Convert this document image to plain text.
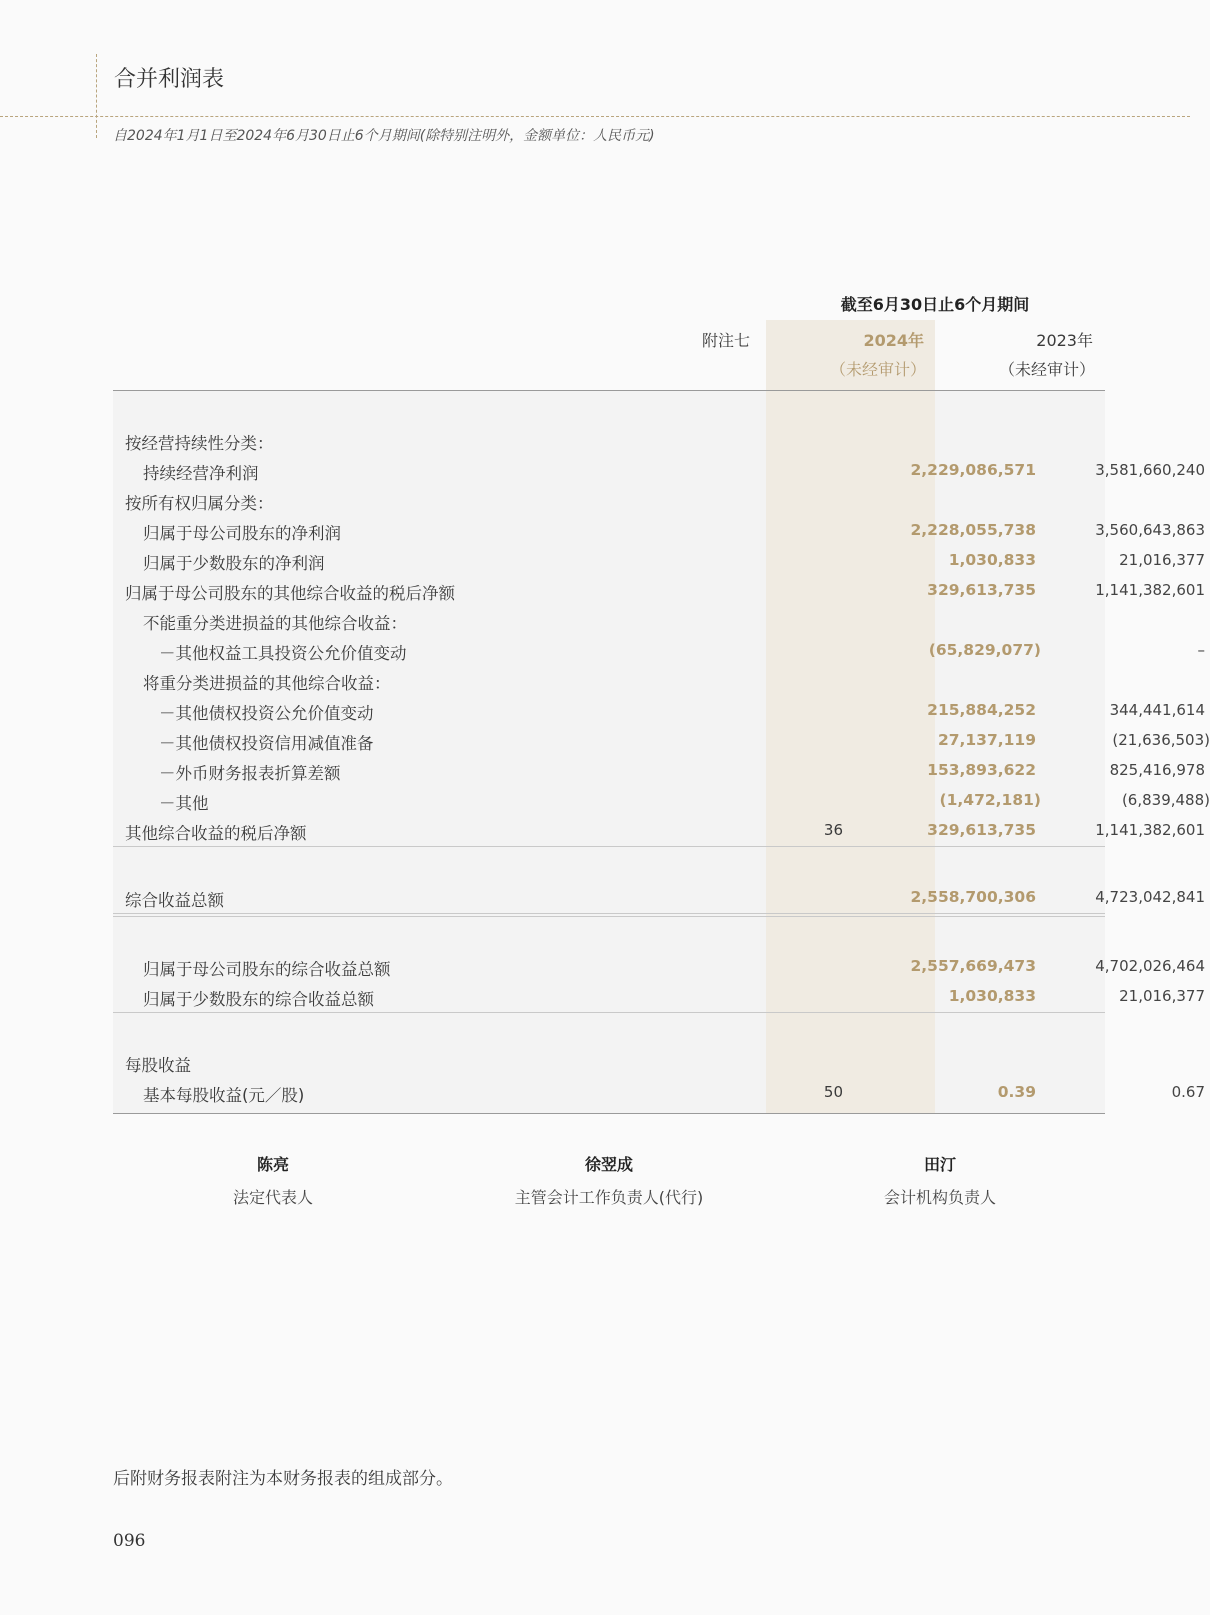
合并利润表
自2024年1月1日至2024年6月30日止6个月期间(除特别注明外，金额单位：人民币元)
截至6月30日止6个月期间
附注七	2024年
（未经审计）
2023年
（未经审计）
按经营持续性分类：
持续经营净利润	2,229,086,571	3,581,660,240
按所有权归属分类：
归属于母公司股东的净利润	2,228,055,738	3,560,643,863
归属于少数股东的净利润	1,030,833	21,016,377
归属于母公司股东的其他综合收益的税后净额	329,613,735	1,141,382,601
不能重分类进损益的其他综合收益：
－其他权益工具投资公允价值变动	(65,829,077)	–
将重分类进损益的其他综合收益：
－其他债权投资公允价值变动	215,884,252	344,441,614
－其他债权投资信用减值准备	27,137,119	(21,636,503)
－外币财务报表折算差额	153,893,622	825,416,978
－其他	(1,472,181)	(6,839,488)
其他综合收益的税后净额	36	329,613,735	1,141,382,601
综合收益总额	2,558,700,306	4,723,042,841
归属于母公司股东的综合收益总额	2,557,669,473	4,702,026,464
归属于少数股东的综合收益总额	1,030,833	21,016,377
每股收益
基本每股收益(元／股)	50	0.39	0.67
陈亮
法定代表人
徐翌成
主管会计工作负责人(代行)
田汀
会计机构负责人
后附财务报表附注为本财务报表的组成部分。
096
